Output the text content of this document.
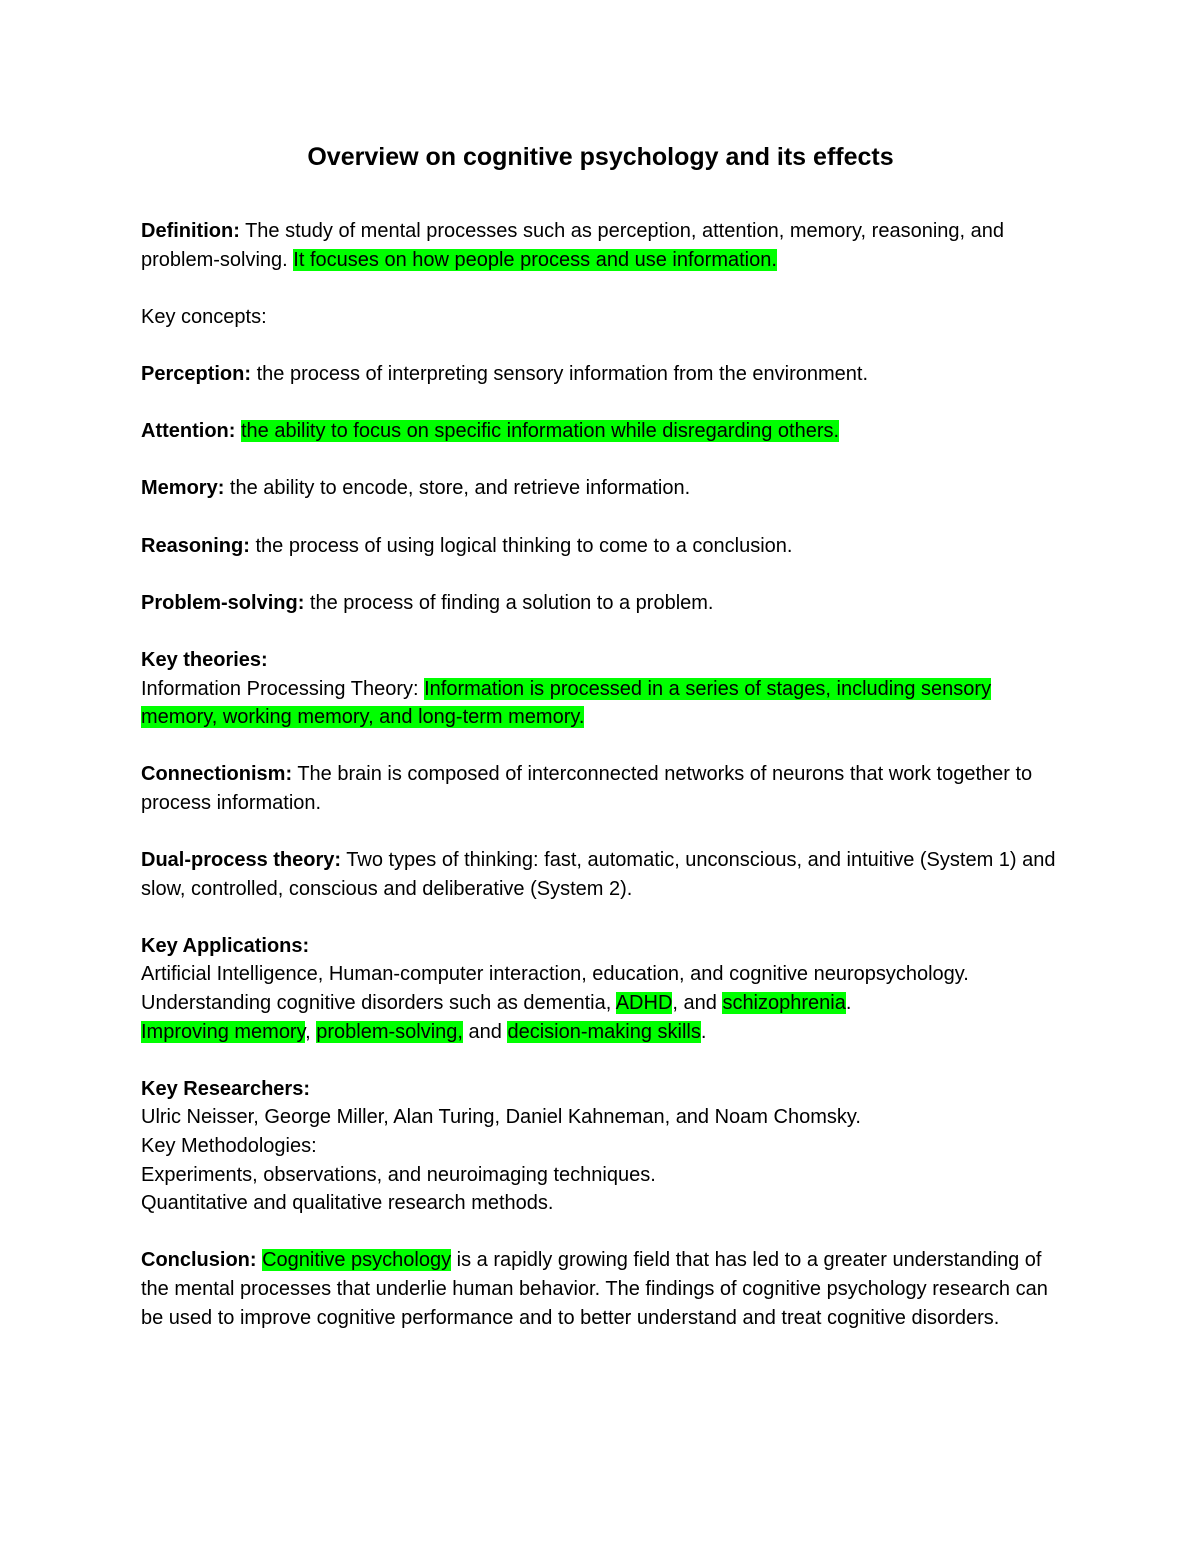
Overview on cognitive psychology and its effects

Definition: The study of mental processes such as perception, attention, memory, reasoning, and problem-solving. It focuses on how people process and use information.

Key concepts:

Perception: the process of interpreting sensory information from the environment.

Attention: the ability to focus on specific information while disregarding others.

Memory: the ability to encode, store, and retrieve information.

Reasoning: the process of using logical thinking to come to a conclusion.

Problem-solving: the process of finding a solution to a problem.

Key theories:

Information Processing Theory: Information is processed in a series of stages, including sensory memory, working memory, and long-term memory.

Connectionism: The brain is composed of interconnected networks of neurons that work together to process information.

Dual-process theory: Two types of thinking: fast, automatic, unconscious, and intuitive (System 1) and slow, controlled, conscious and deliberative (System 2).

Key Applications:

Artificial Intelligence, Human-computer interaction, education, and cognitive neuropsychology.

Understanding cognitive disorders such as dementia, ADHD, and schizophrenia.

Improving memory, problem-solving, and decision-making skills.

Key Researchers:

Ulric Neisser, George Miller, Alan Turing, Daniel Kahneman, and Noam Chomsky.

Key Methodologies:

Experiments, observations, and neuroimaging techniques.

Quantitative and qualitative research methods.

Conclusion: Cognitive psychology is a rapidly growing field that has led to a greater understanding of the mental processes that underlie human behavior. The findings of cognitive psychology research can be used to improve cognitive performance and to better understand and treat cognitive disorders.
